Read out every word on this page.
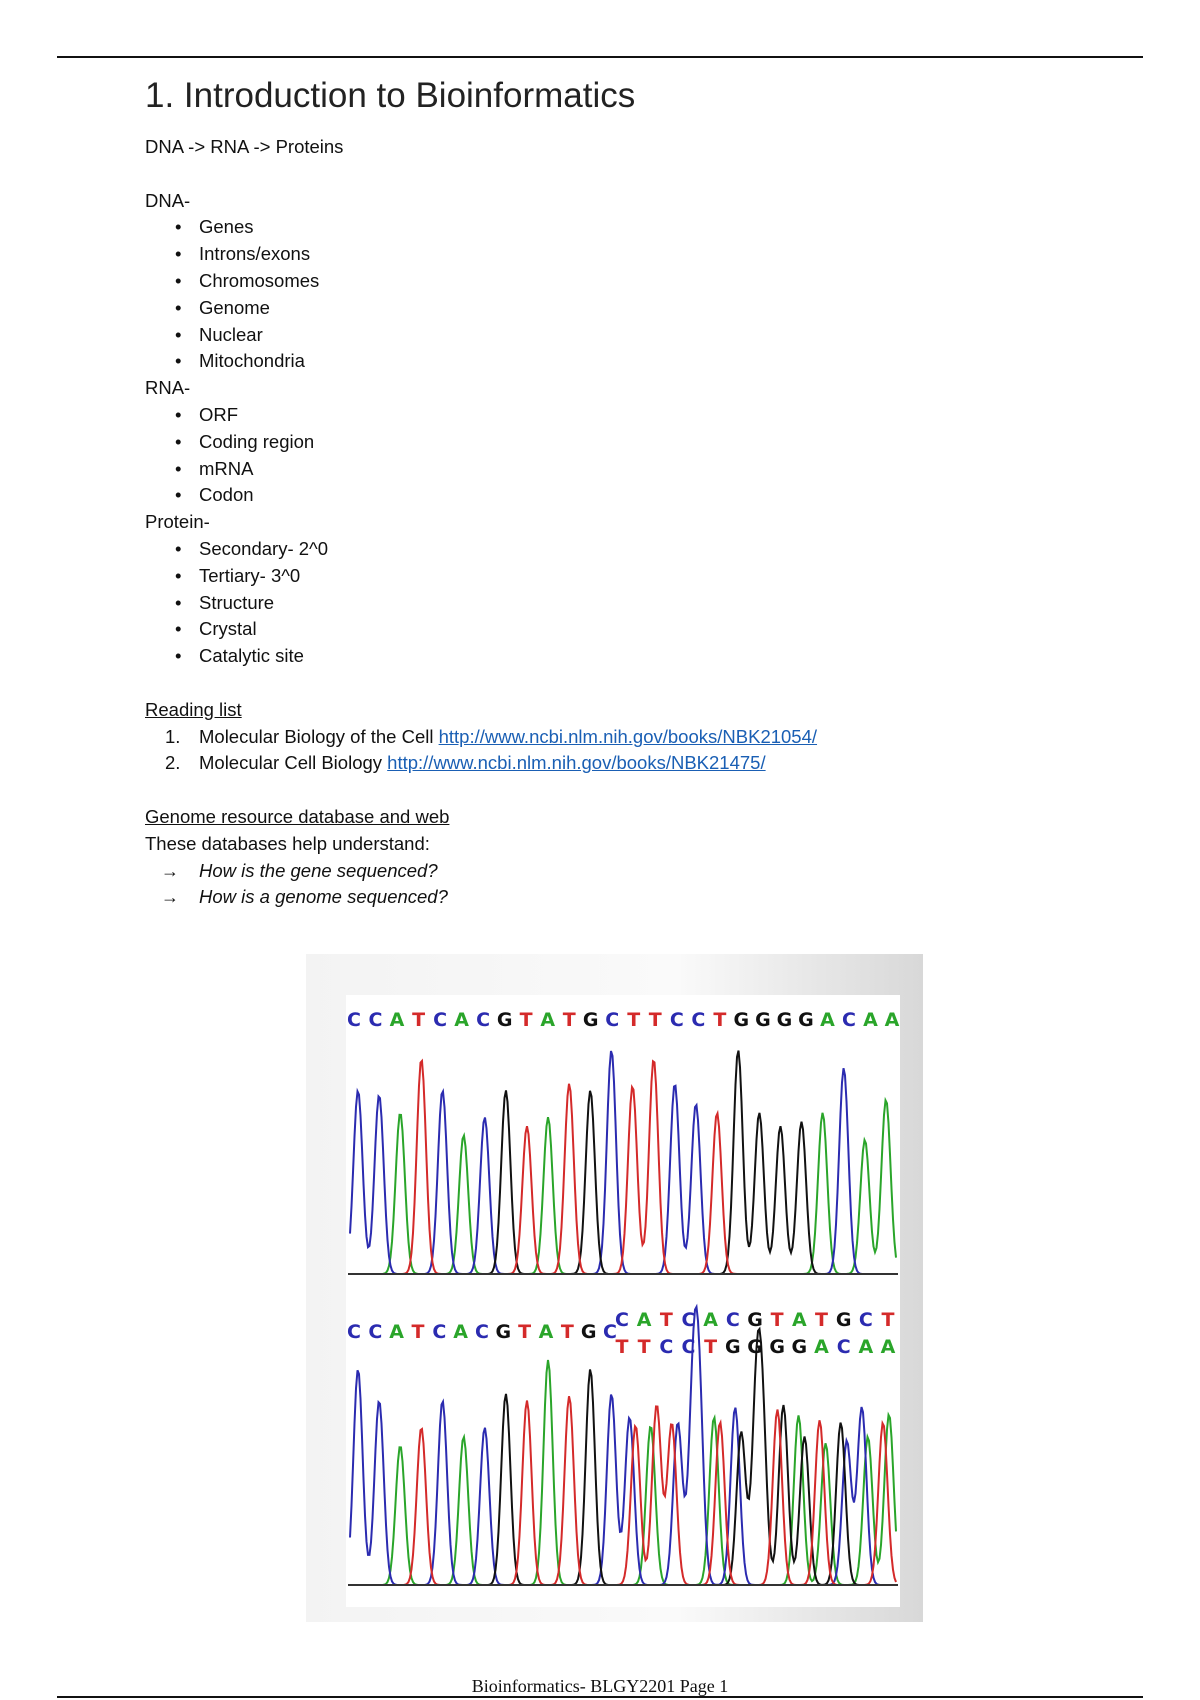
1. Introduction to Bioinformatics
DNA -> RNA -> Proteins
DNA-
• Genes
• Introns/exons
• Chromosomes
• Genome
• Nuclear
• Mitochondria
RNA-
• ORF
• Coding region
• mRNA
• Codon
Protein-
• Secondary- 2^0
• Tertiary- 3^0
• Structure
• Crystal
• Catalytic site
Reading list
1. Molecular Biology of the Cell http://www.ncbi.nlm.nih.gov/books/NBK21054/
2. Molecular Cell Biology http://www.ncbi.nlm.nih.gov/books/NBK21475/
Genome resource database and web
These databases help understand:
→ How is the gene sequenced?
→ How is a genome sequenced?
C C A T C A C G T A T G C T T C C T G G G G A C A A
C C A T C A C G T A T G C
C A T C A C G T A T G C T
T T C C T G G G G A C A A
Bioinformatics- BLGY2201 Page 1
